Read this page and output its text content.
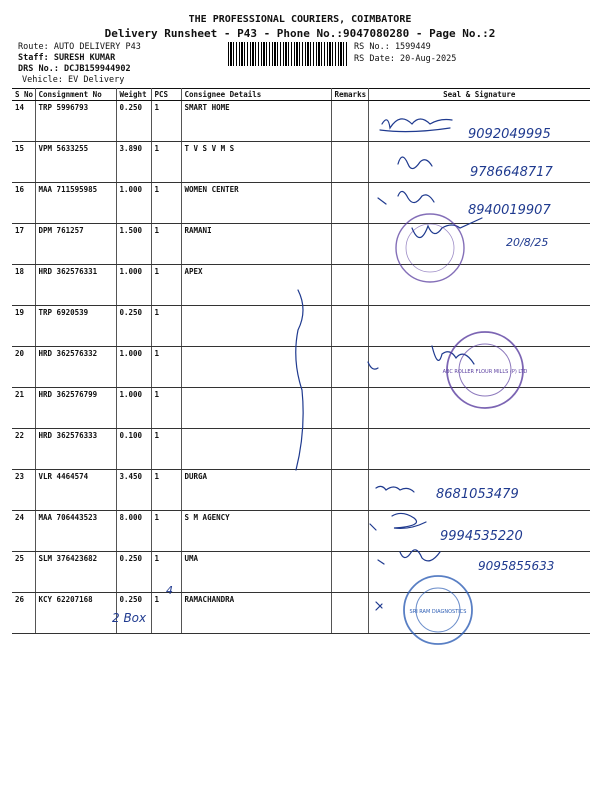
THE PROFESSIONAL COURIERS, COIMBATORE
Delivery Runsheet - P43 - Phone No.:9047080280 - Page No.:2
Route: AUTO DELIVERY P43
Staff: SURESH KUMAR
DRS No.: DCJB159944902
Vehicle: EV Delivery
RS No.: 1599449
RS Date: 20-Aug-2025
S No	Consignment No	Weight	PCS	Consignee Details	Remarks	Seal & Signature
14	TRP 5996793	0.250	1	SMART HOME		
15	VPM 5633255	3.890	1	T V S V M S		
16	MAA 711595985	1.000	1	WOMEN CENTER		
17	DPM 761257	1.500	1	RAMANI		
18	HRD 362576331	1.000	1	APEX		
19	TRP 6920539	0.250	1			
20	HRD 362576332	1.000	1			
21	HRD 362576799	1.000	1			
22	HRD 362576333	0.100	1			
23	VLR 4464574	3.450	1	DURGA		
24	MAA 706443523	8.000	1	S M AGENCY		
25	SLM 376423682	0.250	1	UMA		
26	KCY 62207168	0.250	1	RAMACHANDRA		
9092049995
9786648717
8940019907
20/8/25
8681053479
9994535220
9095855633
2 Box
4
ABC ROLLER FLOUR MILLS (P) LTD
SRI RAM DIAGNOSTICS
